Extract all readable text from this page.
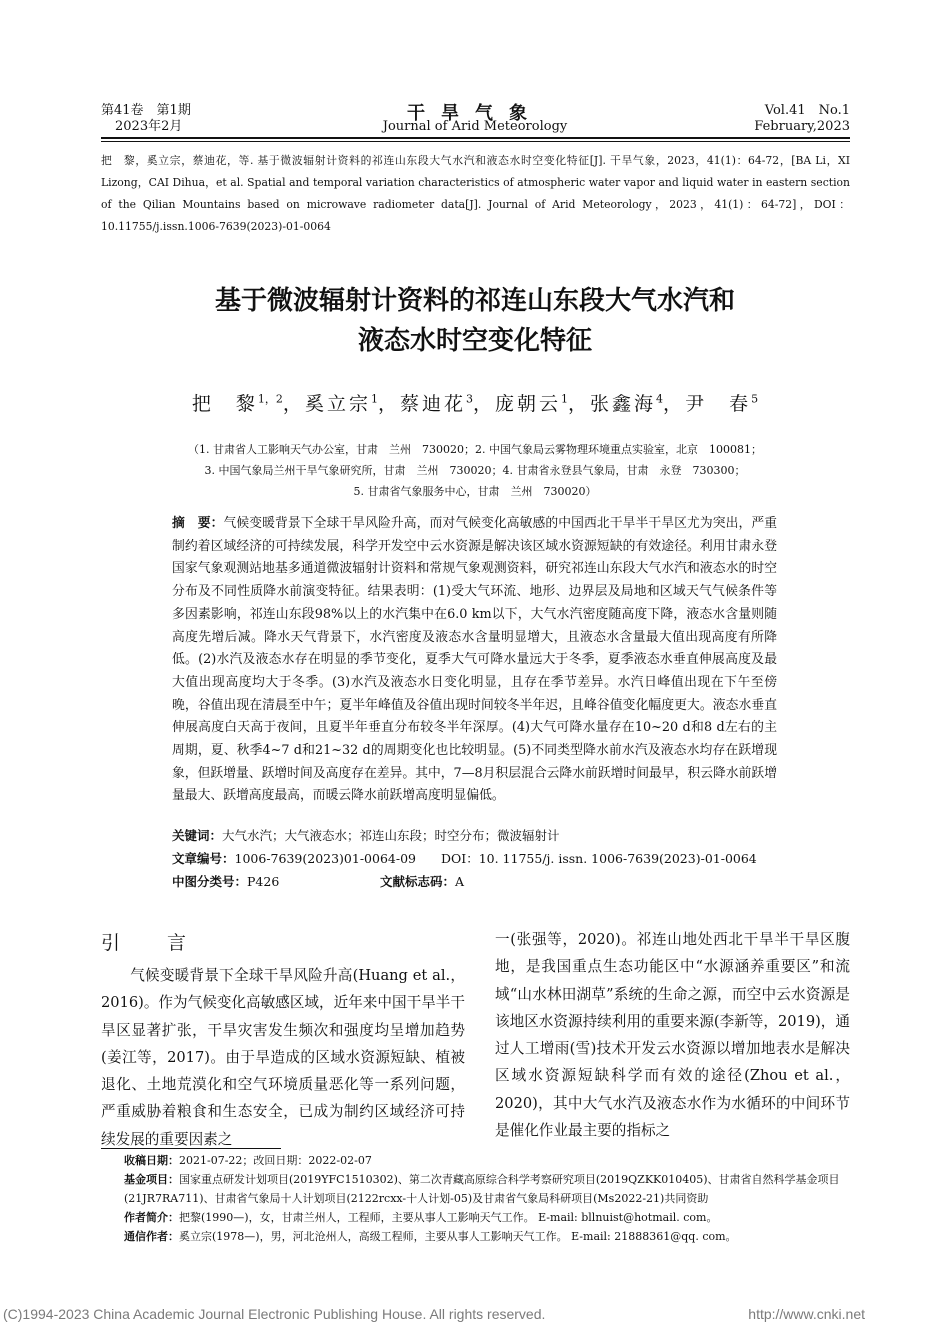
第41卷　第1期
2023年2月
干旱气象
Journal of Arid Meteorology
Vol.41　No.1
February,2023
把　黎，奚立宗，蔡迪花，等. 基于微波辐射计资料的祁连山东段大气水汽和液态水时空变化特征[J]. 干旱气象，2023，41(1)：64-72，[BA Li，XI Lizong，CAI Dihua，et al. Spatial and temporal variation characteristics of atmospheric water vapor and liquid water in eastern section of the Qilian Mountains based on microwave radiometer data[J]. Journal of Arid Meteorology，2023，41(1)：64-72]，DOI：10.11755/j.issn.1006-7639(2023)-01-0064
基于微波辐射计资料的祁连山东段大气水汽和
液态水时空变化特征
把　黎$^{1,2}$，奚立宗$^1$，蔡迪花$^3$，庞朝云$^1$，张鑫海$^4$，尹　春$^5$
（1. 甘肃省人工影响天气办公室，甘肃　兰州　730020；2. 中国气象局云雾物理环境重点实验室，北京　100081；
3. 中国气象局兰州干旱气象研究所，甘肃　兰州　730020；4. 甘肃省永登县气象局，甘肃　永登　730300；
5. 甘肃省气象服务中心，甘肃　兰州　730020）
摘　要：气候变暖背景下全球干旱风险升高，而对气候变化高敏感的中国西北干旱半干旱区尤为突出，严重制约着区域经济的可持续发展，科学开发空中云水资源是解决该区域水资源短缺的有效途径。利用甘肃永登国家气象观测站地基多通道微波辐射计资料和常规气象观测资料，研究祁连山东段大气水汽和液态水的时空分布及不同性质降水前演变特征。结果表明：(1)受大气环流、地形、边界层及局地和区域天气气候条件等多因素影响，祁连山东段98%以上的水汽集中在6.0 km以下，大气水汽密度随高度下降，液态水含量则随高度先增后减。降水天气背景下，水汽密度及液态水含量明显增大，且液态水含量最大值出现高度有所降低。(2)水汽及液态水存在明显的季节变化，夏季大气可降水量远大于冬季，夏季液态水垂直伸展高度及最大值出现高度均大于冬季。(3)水汽及液态水日变化明显，且存在季节差异。水汽日峰值出现在下午至傍晚，谷值出现在清晨至中午；夏半年峰值及谷值出现时间较冬半年迟，且峰谷值变化幅度更大。液态水垂直伸展高度白天高于夜间，且夏半年垂直分布较冬半年深厚。(4)大气可降水量存在10~20 d和8 d左右的主周期，夏、秋季4~7 d和21~32 d的周期变化也比较明显。(5)不同类型降水前水汽及液态水均存在跃增现象，但跃增量、跃增时间及高度存在差异。其中，7—8月积层混合云降水前跃增时间最早，积云降水前跃增量最大、跃增高度最高，而暖云降水前跃增高度明显偏低。
关键词：大气水汽；大气液态水；祁连山东段；时空分布；微波辐射计
文章编号：1006-7639(2023)01-0064-09　　DOI：10. 11755/j. issn. 1006-7639(2023)-01-0064
中图分类号：P426	文献标志码：A
引　言
气候变暖背景下全球干旱风险升高(Huang et al.，2016)。作为气候变化高敏感区域，近年来中国干旱半干旱区显著扩张，干旱灾害发生频次和强度均呈增加趋势(姜江等，2017)。由于旱造成的区域水资源短缺、植被退化、土地荒漠化和空气环境质量恶化等一系列问题，严重威胁着粮食和生态安全，已成为制约区域经济可持续发展的重要因素之
一(张强等，2020)。祁连山地处西北干旱半干旱区腹地，是我国重点生态功能区中“水源涵养重要区”和流域“山水林田湖草”系统的生命之源，而空中云水资源是该地区水资源持续利用的重要来源(李新等，2019)，通过人工增雨(雪)技术开发云水资源以增加地表水是解决区域水资源短缺科学而有效的途径(Zhou et al.，2020)，其中大气水汽及液态水作为水循环的中间环节是催化作业最主要的指标之
收稿日期：2021-07-22；改回日期：2022-02-07
基金项目：国家重点研发计划项目(2019YFC1510302)、第二次青藏高原综合科学考察研究项目(2019QZKK010405)、甘肃省自然科学基金项目(21JR7RA711)、甘肃省气象局十人计划项目(2122rcxx-十人计划-05)及甘肃省气象局科研项目(Ms2022-21)共同资助
作者简介：把黎(1990—)，女，甘肃兰州人，工程师，主要从事人工影响天气工作。 E-mail: bllnuist@hotmail. com。
通信作者：奚立宗(1978—)，男，河北沧州人，高级工程师，主要从事人工影响天气工作。 E-mail: 21888361@qq. com。
(C)1994-2023 China Academic Journal Electronic Publishing House. All rights reserved.	http://www.cnki.net
